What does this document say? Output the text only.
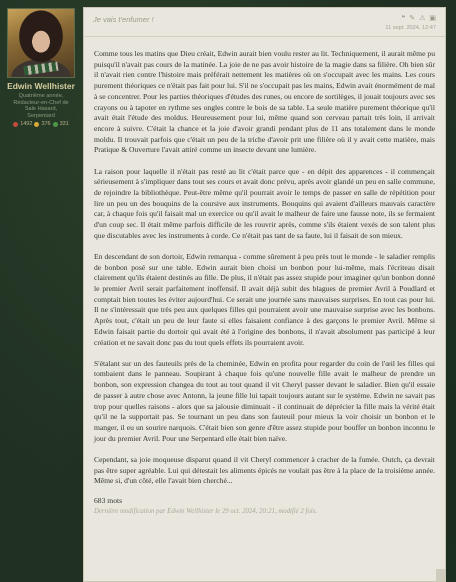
Edwin Wellhister
Quatrième année,
Rédacteur-en-Chef de
Sale Hasard,
Serpentard
1492 376 331
Je vais t'enfumer !	❝ ✎ ⚠ ▣
11 sept. 2024, 12:47

Comme tous les matins que Dieu créait, Edwin aurait bien voulu rester au lit. Techniquement, il aurait même pu puisqu'il n'avait pas cours de la matinée. La joie de ne pas avoir histoire de la magie dans sa filière. Oh bien sûr il n'avait rien contre l'histoire mais préférait nettement les matières où on s'occupait avec les mains. Les cours purement théoriques ce n'était pas fait pour lui. S'il ne s'occupait pas les mains, Edwin avait énormément de mal à se concentrer. Pour les parties théoriques d'études des runes, ou encore de sortilèges, il jouait toujours avec ses crayons ou à tapoter en rythme ses ongles contre le bois de sa table. La seule matière purement théorique qu'il avait était l'étude des moldus. Heureusement pour lui, même quand son cerveau partait très loin, il arrivait encore à suivre. C'était la chance et la joie d'avoir grandi pendant plus de 11 ans totalement dans le monde moldu. Il trouvait parfois que c'était un peu de la triche d'avoir prit une filière où il y avait cette matière, mais Pratique & Ouverture l'avait attiré comme un insecte devant une lumière.

La raison pour laquelle il n'était pas resté au lit c'était parce que - en dépit des apparences - il commençait sérieusement à s'impliquer dans tout ses cours et avait donc prévu, après avoir glandé un peu en salle commune, de rejoindre la bibliothèque. Peut-être même qu'il pourrait avoir le temps de passer en salle de répétition pour lire un peu un des bouquins de la coursive aux instruments. Bouquins qui avaient d'ailleurs mauvais caractère car, à chaque fois qu'il faisait mal un exercice ou qu'il avait le malheur de faire une fausse note, ils se fermaient d'un coup sec. Il était même parfois difficile de les rouvrir après, comme s'ils étaient vexés de son talent plus que discutables avec les instruments à corde. Ce n'était pas tant de sa faute, lui il faisait de son mieux.

En descendant de son dortoir, Edwin remarqua - comme sûrement à peu près tout le monde - le saladier remplis de bonbon posé sur une table. Edwin aurait bien choisi un bonbon pour lui-même, mais l'écriteau disait clairement qu'ils étaient destinés au fille. De plus, il n'était pas assez stupide pour imaginer qu'un bonbon donné le premier Avril serait parfaitement inoffensif. Il avait déjà subit des blagues de premier Avril à Poudlard et comptait bien toutes les éviter aujourd'hui. Ce serait une journée sans mauvaises surprises. En tout cas pour lui. Il ne s'intéressait que très peu aux quelques filles qui pourraient avoir une mauvaise surprise avec les bonbons. Après tout, c'était un peu de leur faute si elles faisaient confiance à des garçons le premier Avril. Même si Edwin faisait partie du dortoir qui avait été à l'origine des bonbons, il n'avait absolument pas participé à leur création et ne savait donc pas du tout quels effets ils pourraient avoir.

S'étalant sur un des fauteuils près de la cheminée, Edwin en profita pour regarder du coin de l'œil les filles qui tombaient dans le panneau. Soupirant à chaque fois qu'une nouvelle fille avait le malheur de prendre un bonbon, son expression changea du tout au tout quand il vit Cheryl passer devant le saladier. Bien qu'il essaie de passer à autre chose avec Antonn, la jeune fille lui tapait toujours autant sur le système. Edwin ne savait pas trop pour quelles raisons - alors que sa jalousie diminuait - il continuait de déprécier la fille mais la vérité était qu'il ne la supportait pas. Se tournant un peu dans son fauteuil pour mieux la voir choisir un bonbon et le manger, il eu un sourire narquois. C'était bien son genre d'être assez stupide pour bouffer un bonbon inconnu le jour du premier Avril. Pour une Serpentard elle était bien naïve.

Cependant, sa joie moqueuse disparut quand il vit Cheryl commencer à cracher de la fumée. Outch, ça devrait pas être super agréable. Lui qui détestait les aliments épicés ne voulait pas être à la place de la troisième année. Même si, d'un côté, elle l'avait bien cherché...

683 mots
Dernière modification par Edwin Wellhister le 29 oct. 2024, 20:21, modifié 2 fois.
